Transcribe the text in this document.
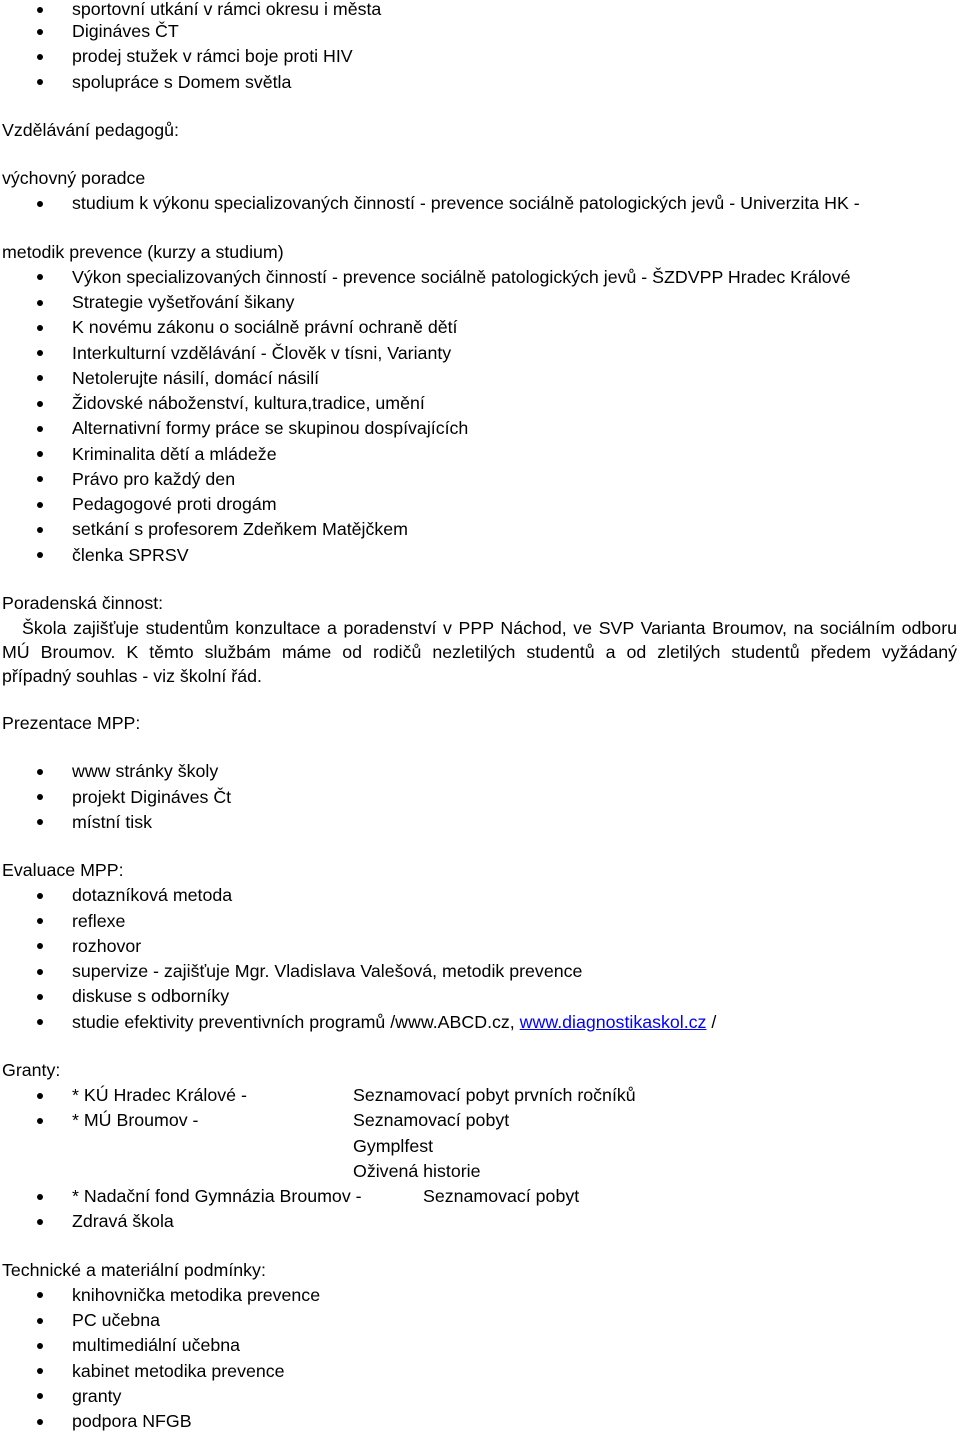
sportovní utkání v rámci okresu i města
Digináves ČT
prodej stužek v rámci boje proti HIV
spolupráce s Domem světla
Vzdělávání pedagogů:
výchovný poradce
studium k výkonu specializovaných činností - prevence sociálně patologických jevů - Univerzita HK -
metodik prevence (kurzy a studium)
Výkon specializovaných činností - prevence sociálně patologických jevů - ŠZDVPP Hradec Králové
Strategie vyšetřování šikany
K novému zákonu o sociálně právní ochraně dětí
Interkulturní vzdělávání - Člověk v tísni, Varianty
Netolerujte násilí, domácí násilí
Židovské náboženství, kultura,tradice, umění
Alternativní formy práce se skupinou dospívajících
Kriminalita dětí a mládeže
Právo pro každý den
Pedagogové proti drogám
setkání s profesorem Zdeňkem Matějčkem
členka SPRSV
Poradenská činnost:
Škola zajišťuje studentům konzultace a poradenství v PPP Náchod, ve SVP Varianta Broumov, na sociálním odboru
MÚ Broumov. K těmto službám máme od rodičů nezletilých studentů a od zletilých studentů předem vyžádaný
případný souhlas - viz školní řád.
Prezentace MPP:
www stránky školy
projekt Digináves Čt
místní tisk
Evaluace MPP:
dotazníková metoda
reflexe
rozhovor
supervize - zajišťuje Mgr. Vladislava Valešová, metodik prevence
diskuse s odborníky
studie efektivity preventivních programů /www.ABCD.cz, www.diagnostikaskol.cz /
Granty:
* KÚ Hradec Králové -	Seznamovací pobyt prvních ročníků
* MÚ Broumov -	Seznamovací pobyt
Gymplfest
Oživená historie
* Nadační fond Gymnázia Broumov -	Seznamovací pobyt
Zdravá škola
Technické a materiální podmínky:
knihovnička metodika prevence
PC učebna
multimediální učebna
kabinet metodika prevence
granty
podpora NFGB
